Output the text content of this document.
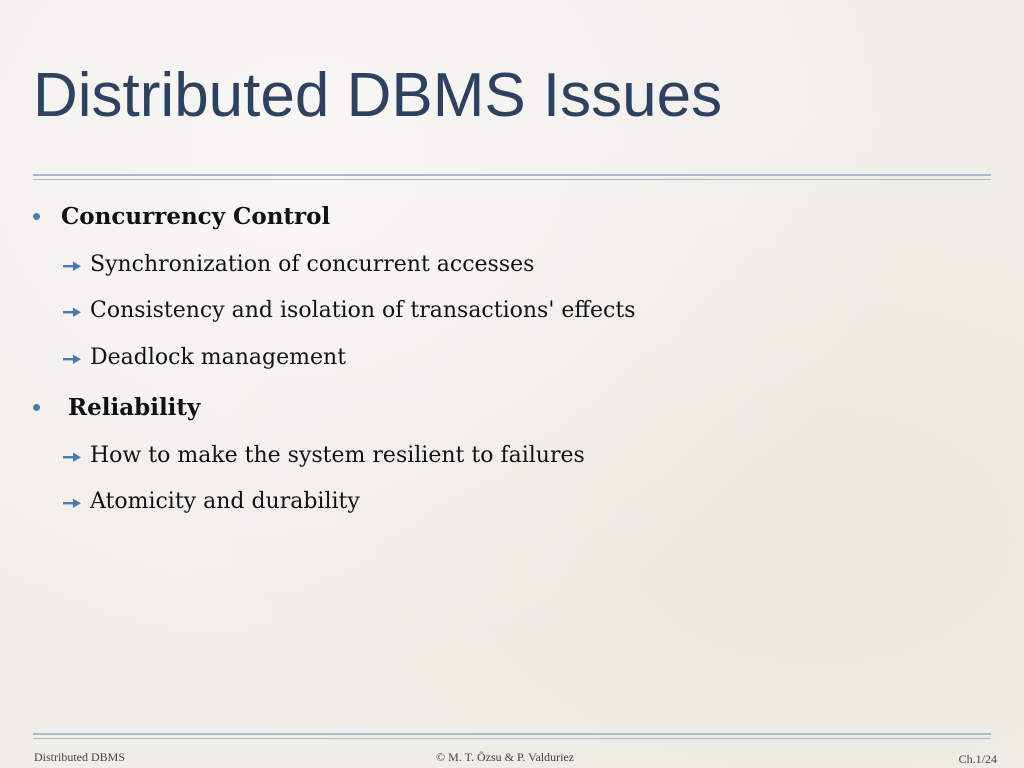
Distributed DBMS Issues
• Concurrency Control
Synchronization of concurrent accesses
Consistency and isolation of transactions' effects
Deadlock management
• Reliability
How to make the system resilient to failures
Atomicity and durability
Distributed DBMS	© M. T. Özsu & P. Valduriez	Ch.1/24
